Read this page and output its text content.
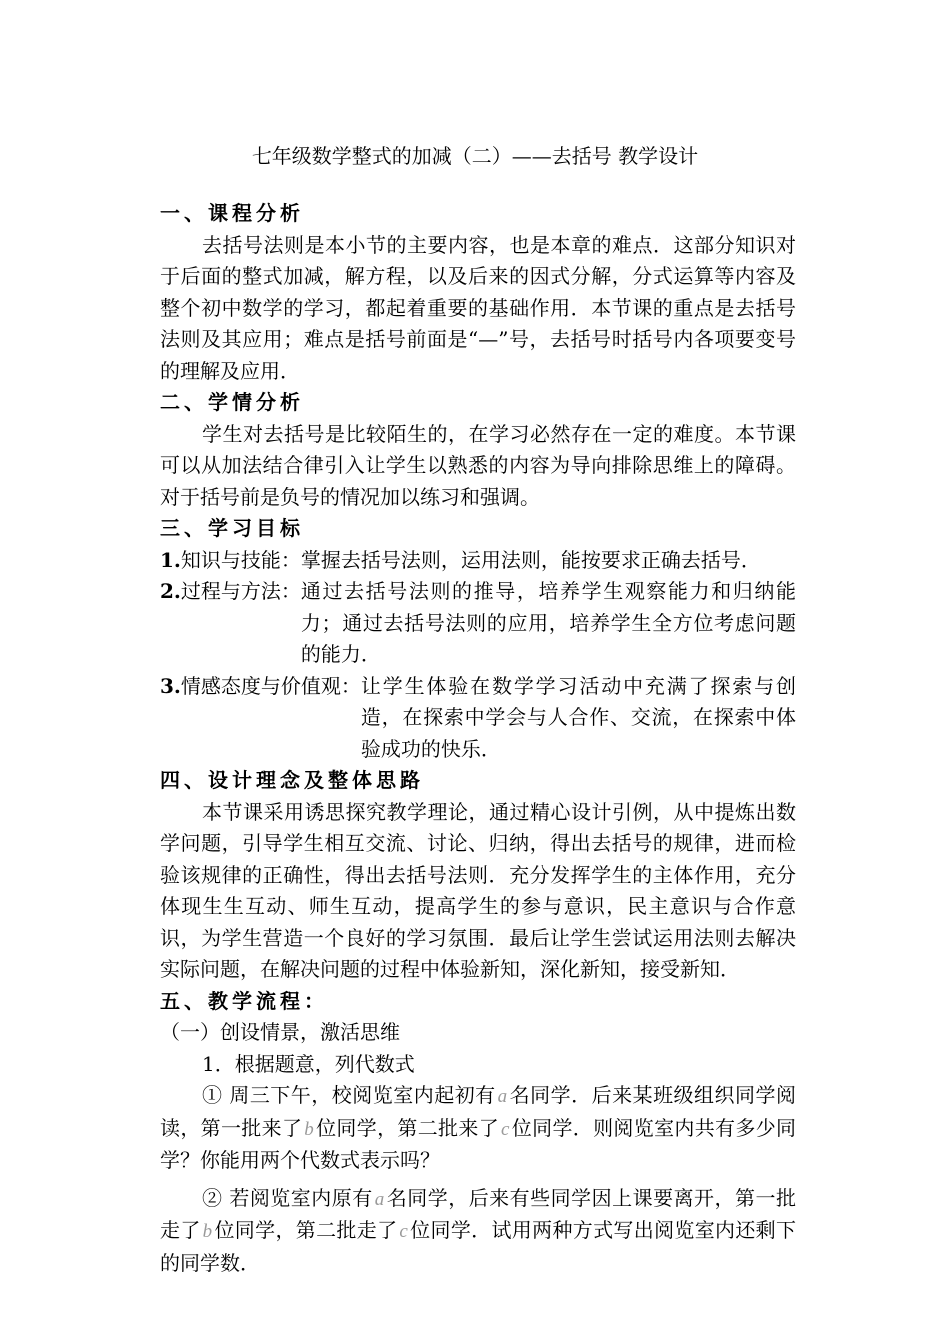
七年级数学整式的加减（二）——去括号 教学设计

一、课程分析

去括号法则是本小节的主要内容，也是本章的难点．这部分知识对于后面的整式加减，解方程，以及后来的因式分解，分式运算等内容及整个初中数学的学习，都起着重要的基础作用．本节课的重点是去括号法则及其应用；难点是括号前面是“—”号，去括号时括号内各项要变号的理解及应用．

二、学情分析

学生对去括号是比较陌生的，在学习必然存在一定的难度。本节课可以从加法结合律引入让学生以熟悉的内容为导向排除思维上的障碍。对于括号前是负号的情况加以练习和强调。

三、学习目标

1.知识与技能： 掌握去括号法则，运用法则，能按要求正确去括号．
2.过程与方法： 通过去括号法则的推导，培养学生观察能力和归纳能力；通过去括号法则的应用，培养学生全方位考虑问题的能力．
3.情感态度与价值观： 让学生体验在数学学习活动中充满了探索与创造，在探索中学会与人合作、交流，在探索中体验成功的快乐．

四、设计理念及整体思路

本节课采用诱思探究教学理论，通过精心设计引例，从中提炼出数学问题，引导学生相互交流、讨论、归纳，得出去括号的规律，进而检验该规律的正确性，得出去括号法则．充分发挥学生的主体作用，充分体现生生互动、师生互动，提高学生的参与意识，民主意识与合作意识，为学生营造一个良好的学习氛围．最后让学生尝试运用法则去解决实际问题，在解决问题的过程中体验新知，深化新知，接受新知．

五、教学流程：

（一）创设情景，激活思维

1．根据题意，列代数式

① 周三下午，校阅览室内起初有 a 名同学．后来某班级组织同学阅读，第一批来了 b 位同学，第二批来了 c 位同学．则阅览室内共有多少同学？你能用两个代数式表示吗？

② 若阅览室内原有 a 名同学，后来有些同学因上课要离开，第一批走了 b 位同学，第二批走了 c 位同学．试用两种方式写出阅览室内还剩下的同学数．
